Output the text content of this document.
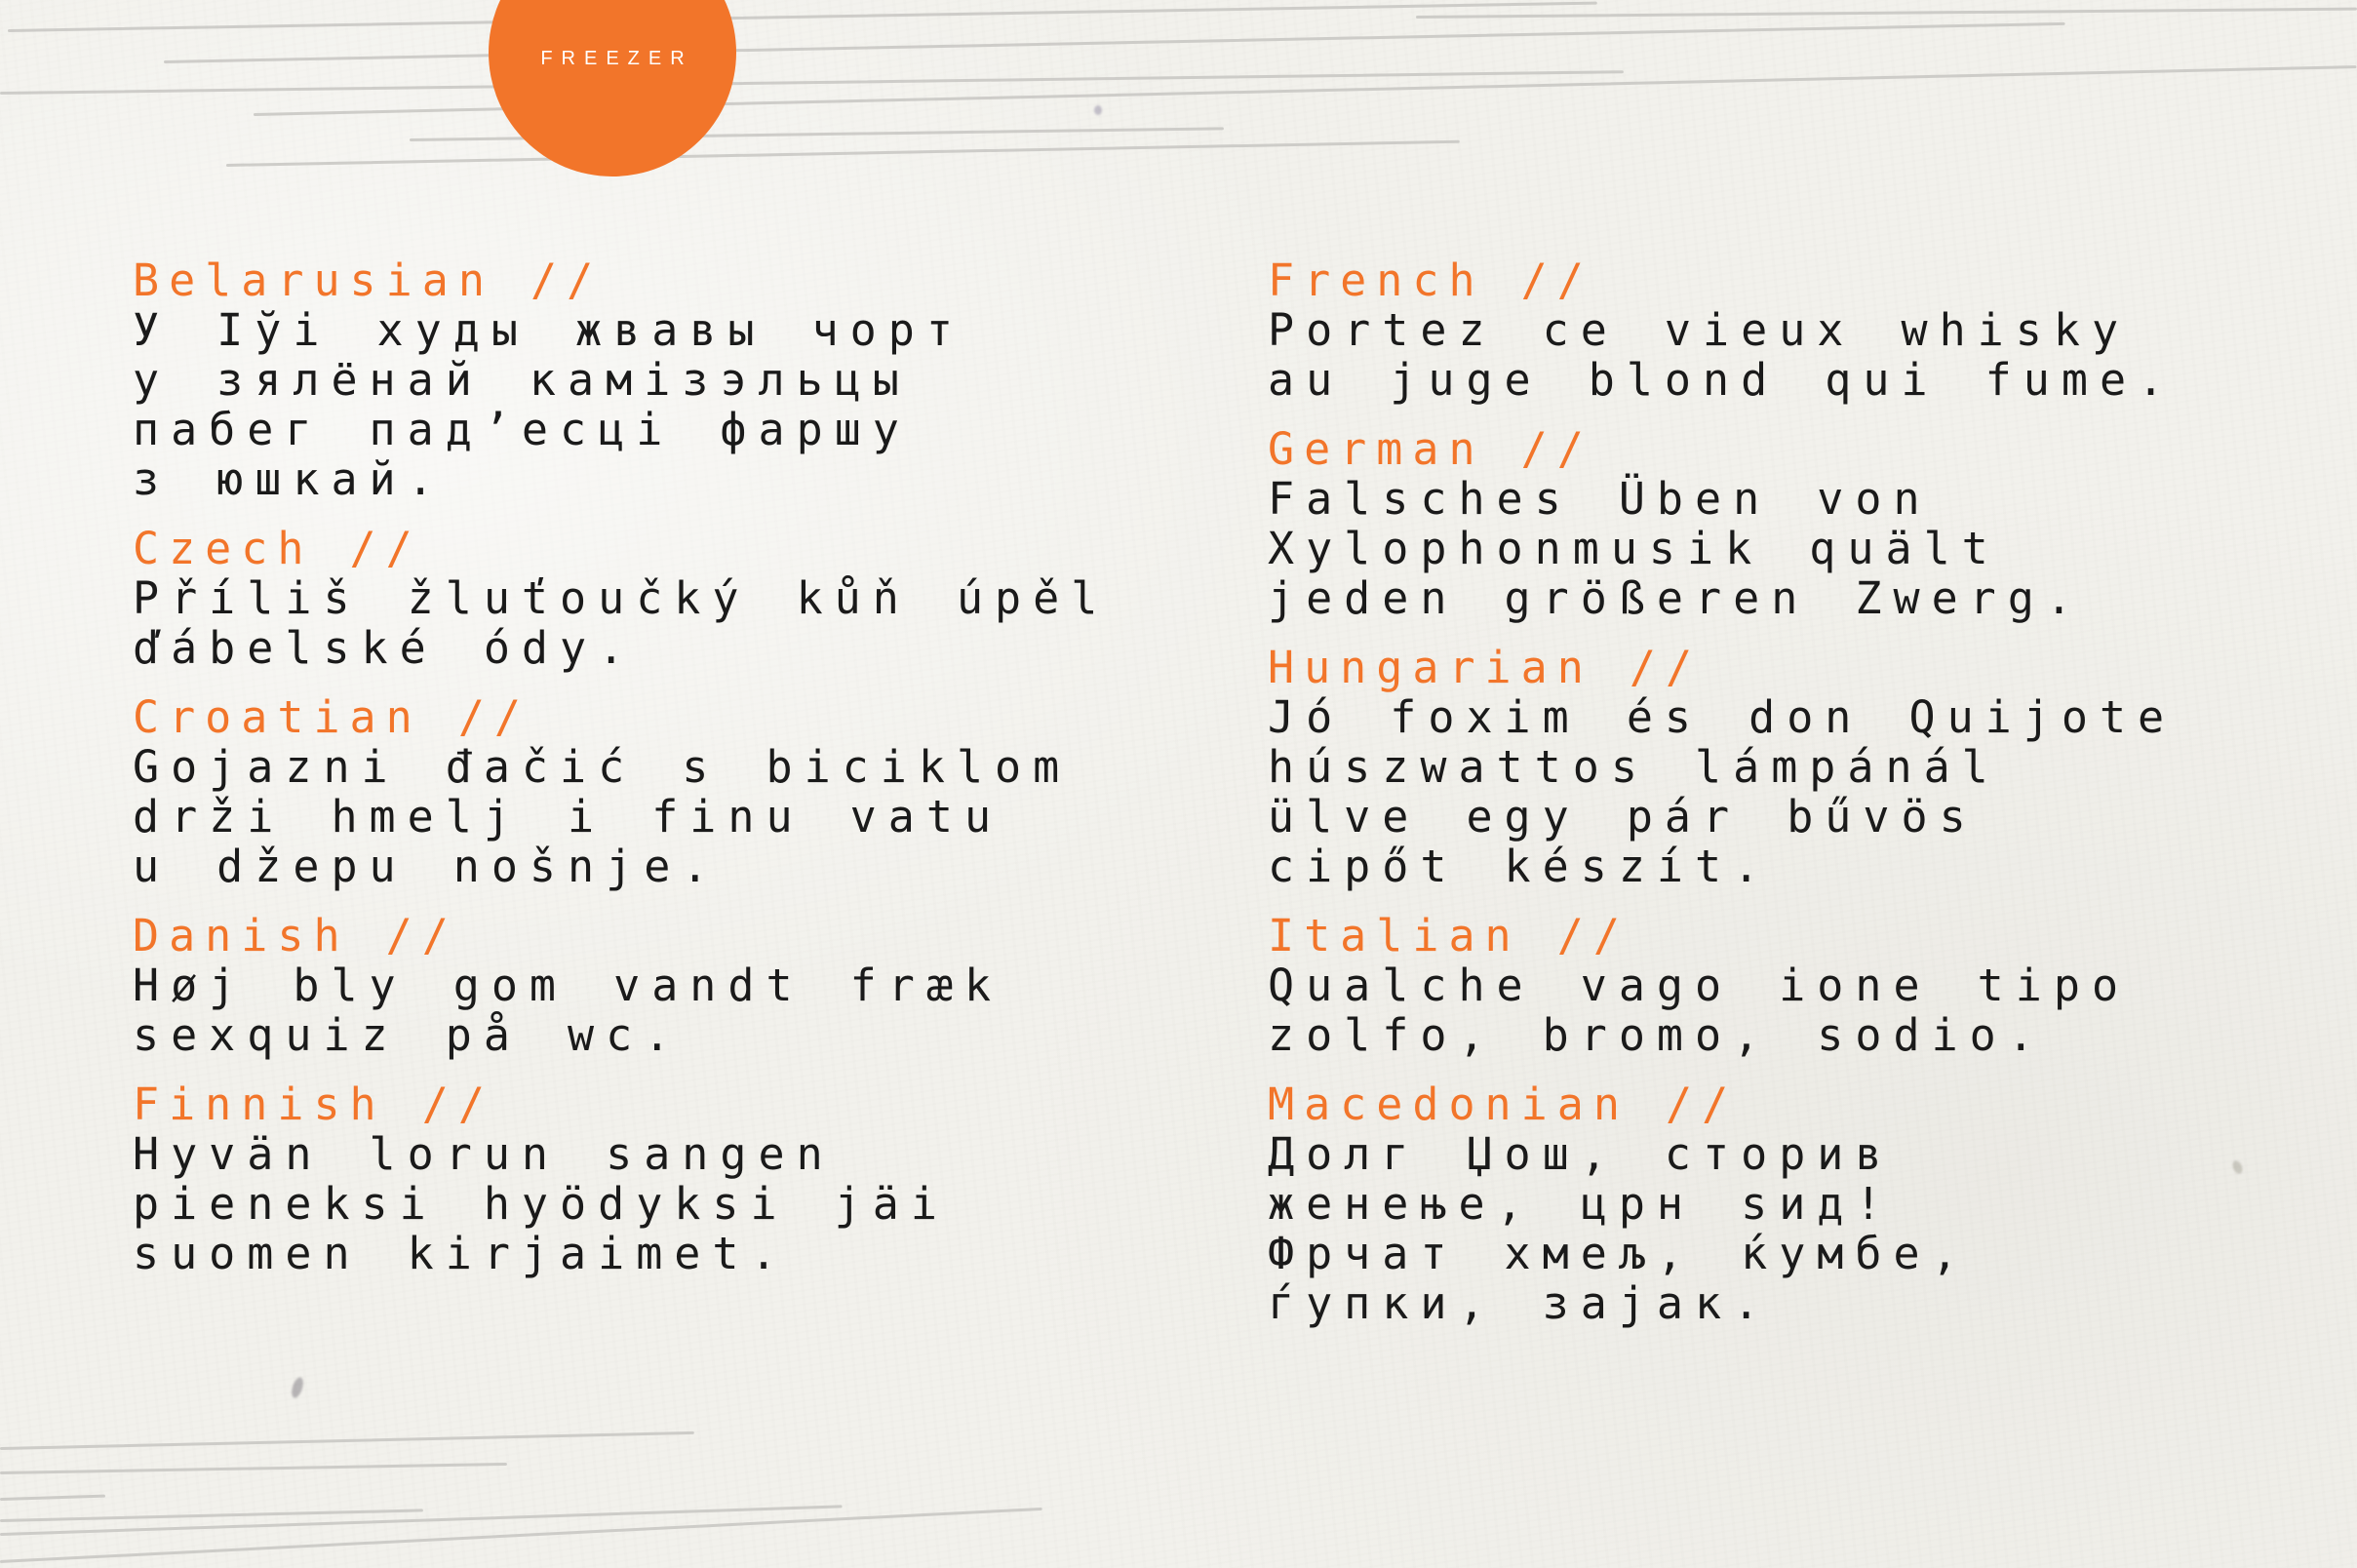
FREEZER
Belarusian //

У Іўі худы жвавы чорт

у зялёнай камізэльцы

пабег пад’есці фаршу

з юшкай.

Czech //

Příliš žluťoučký kůň úpěl

ďábelské ódy.

Croatian //

Gojazni đačić s biciklom

drži hmelj i finu vatu

u džepu nošnje.

Danish //

Høj bly gom vandt fræk

sexquiz på wc.

Finnish //

Hyvän lorun sangen

pieneksi hyödyksi jäi

suomen kirjaimet.

French //

Portez ce vieux whisky

au juge blond qui fume.

German //

Falsches Üben von

Xylophonmusik quält

jeden größeren Zwerg.

Hungarian //

Jó foxim és don Quijote

húszwattos lámpánál

ülve egy pár bűvös

cipőt készít.

Italian //

Qualche vago ione tipo

zolfo, bromo, sodio.

Macedonian //

Долг Џош, сторив

женење, црн ѕид!

Фрчат хмељ, ќумбе,

ѓупки, зајак.
